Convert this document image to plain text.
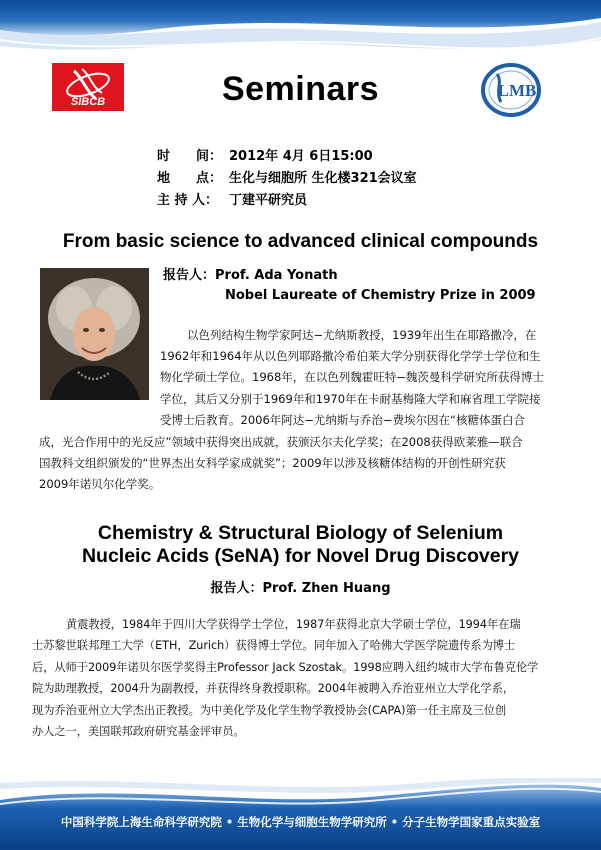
SIBCB
LMB
Seminars
时　　间： 2012年 4月 6日15:00
地　　点： 生化与细胞所 生化楼321会议室
主 持 人： 丁建平研究员
From basic science to advanced clinical compounds
报告人：Prof. Ada Yonath
Nobel Laureate of Chemistry Prize in 2009
以色列结构生物学家阿达−尤纳斯教授，1939年出生在耶路撒冷，在
1962年和1964年从以色列耶路撒冷希伯莱大学分别获得化学学士学位和生
物化学硕士学位。1968年，在以色列魏霍旺特−魏茨曼科学研究所获得博士
学位，其后又分别于1969年和1970年在卡耐基梅隆大学和麻省理工学院接
受博士后教育。2006年阿达−尤纳斯与乔治−费埃尔因在“核糖体蛋白合
成，光合作用中的光反应”领域中获得突出成就，获颁沃尔夫化学奖；在2008获得欧莱雅—联合
国教科文组织颁发的“世界杰出女科学家成就奖”；2009年以涉及核糖体结构的开创性研究获
2009年诺贝尔化学奖。
Chemistry & Structural Biology of Selenium
Nucleic Acids (SeNA) for Novel Drug Discovery
报告人：Prof. Zhen Huang
黄震教授，1984年于四川大学获得学士学位，1987年获得北京大学硕士学位，1994年在瑞
士苏黎世联邦理工大学（ETH，Zurich）获得博士学位。同年加入了哈佛大学医学院遗传系为博士
后，从师于2009年诺贝尔医学奖得主Professor Jack Szostak。1998应聘入纽约城市大学布鲁克伦学
院为助理教授，2004升为副教授，并获得终身教授职称。2004年被聘入乔治亚州立大学化学系，
现为乔治亚州立大学杰出正教授。为中美化学及化学生物学教授协会(CAPA)第一任主席及三位创
办人之一，美国联邦政府研究基金评审员。
中国科学院上海生命科学研究院 • 生物化学与细胞生物学研究所 • 分子生物学国家重点实验室
